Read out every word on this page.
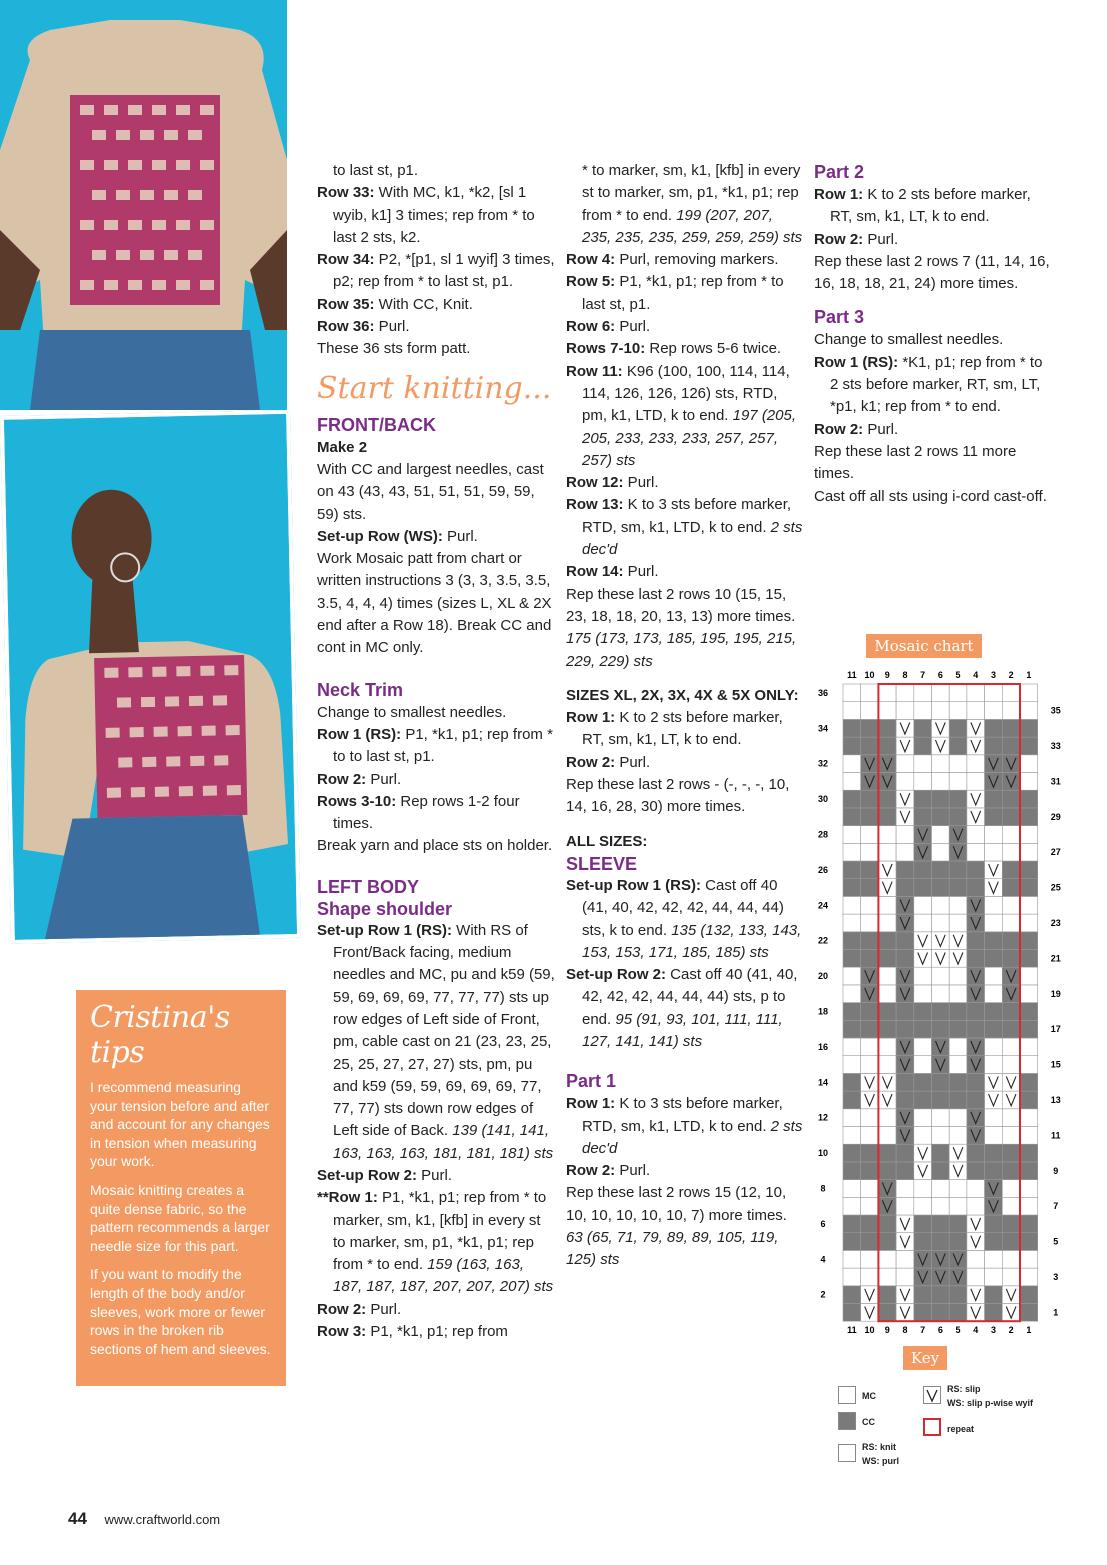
Cristina's tips

I recommend measuring your tension before and after and account for any changes in tension when measuring your work.

Mosaic knitting creates a quite dense fabric, so the pattern recommends a larger needle size for this part.

If you want to modify the length of the body and/or sleeves, work more or fewer rows in the broken rib sections of hem and sleeves.

to last st, p1.
Row 33: With MC, k1, *k2, [sl 1 wyib, k1] 3 times; rep from * to last 2 sts, k2.
Row 34: P2, *[p1, sl 1 wyif] 3 times, p2; rep from * to last st, p1.
Row 35: With CC, Knit.
Row 36: Purl.
These 36 sts form patt.
Start knitting...
FRONT/BACK
Make 2
With CC and largest needles, cast on 43 (43, 43, 51, 51, 51, 59, 59, 59) sts.
Set-up Row (WS): Purl.
Work Mosaic patt from chart or written instructions 3 (3, 3, 3.5, 3.5, 3.5, 4, 4, 4) times (sizes L, XL & 2X end after a Row 18). Break CC and cont in MC only.
Neck Trim
Change to smallest needles.
Row 1 (RS): P1, *k1, p1; rep from * to to last st, p1.
Row 2: Purl.
Rows 3-10: Rep rows 1-2 four times.
Break yarn and place sts on holder.
LEFT BODY
Shape shoulder
Set-up Row 1 (RS): With RS of Front/Back facing, medium needles and MC, pu and k59 (59, 59, 69, 69, 69, 77, 77, 77) sts up row edges of Left side of Front, pm, cable cast on 21 (23, 23, 25, 25, 25, 27, 27, 27) sts, pm, pu and k59 (59, 59, 69, 69, 69, 77, 77, 77) sts down row edges of Left side of Back. 139 (141, 141, 163, 163, 163, 181, 181, 181) sts
Set-up Row 2: Purl.
**Row 1: P1, *k1, p1; rep from * to marker, sm, k1, [kfb] in every st to marker, sm, p1, *k1, p1; rep from * to end. 159 (163, 163, 187, 187, 187, 207, 207, 207) sts
Row 2: Purl.
Row 3: P1, *k1, p1; rep from
* to marker, sm, k1, [kfb] in every st to marker, sm, p1, *k1, p1; rep from * to end. 199 (207, 207, 235, 235, 235, 259, 259, 259) sts
Row 4: Purl, removing markers.
Row 5: P1, *k1, p1; rep from * to last st, p1.
Row 6: Purl.
Rows 7-10: Rep rows 5-6 twice.
Row 11: K96 (100, 100, 114, 114, 114, 126, 126, 126) sts, RTD, pm, k1, LTD, k to end. 197 (205, 205, 233, 233, 233, 257, 257, 257) sts
Row 12: Purl.
Row 13: K to 3 sts before marker, RTD, sm, k1, LTD, k to end. 2 sts dec'd
Row 14: Purl.
Rep these last 2 rows 10 (15, 15, 23, 18, 18, 20, 13, 13) more times. 175 (173, 173, 185, 195, 195, 215, 229, 229) sts
SIZES XL, 2X, 3X, 4X & 5X ONLY:
Row 1: K to 2 sts before marker, RT, sm, k1, LT, k to end.
Row 2: Purl.
Rep these last 2 rows - (-, -, -, 10, 14, 16, 28, 30) more times.
ALL SIZES:
SLEEVE
Set-up Row 1 (RS): Cast off 40 (41, 40, 42, 42, 42, 44, 44, 44) sts, k to end. 135 (132, 133, 143, 153, 153, 171, 185, 185) sts
Set-up Row 2: Cast off 40 (41, 40, 42, 42, 42, 44, 44, 44) sts, p to end. 95 (91, 93, 101, 111, 111, 127, 141, 141) sts
Part 1
Row 1: K to 3 sts before marker, RTD, sm, k1, LTD, k to end. 2 sts dec'd
Row 2: Purl.
Rep these last 2 rows 15 (12, 10, 10, 10, 10, 10, 10, 7) more times. 63 (65, 71, 79, 89, 89, 105, 119, 125) sts
Part 2
Row 1: K to 2 sts before marker, RT, sm, k1, LT, k to end.
Row 2: Purl.
Rep these last 2 rows 7 (11, 14, 16, 16, 18, 18, 21, 24) more times.
Part 3
Change to smallest needles.
Row 1 (RS): *K1, p1; rep from * to 2 sts before marker, RT, sm, LT, *p1, k1; rep from * to end.
Row 2: Purl.
Rep these last 2 rows 11 more times.
Cast off all sts using i-cord cast-off.
Mosaic chart
11
11
10
10
9
9
8
8
7
7
6
6
5
5
4
4
3
3
2
2
1
1
1
2
3
4
5
6
7
8
9
10
11
12
13
14
15
16
17
18
19
20
21
22
23
24
25
26
27
28
29
30
31
32
33
34
35
36
Key
MC
CC
RS: knit
WS: purl
RS: slip
WS: slip p-wise wyif
repeat
44 www.craftworld.com
